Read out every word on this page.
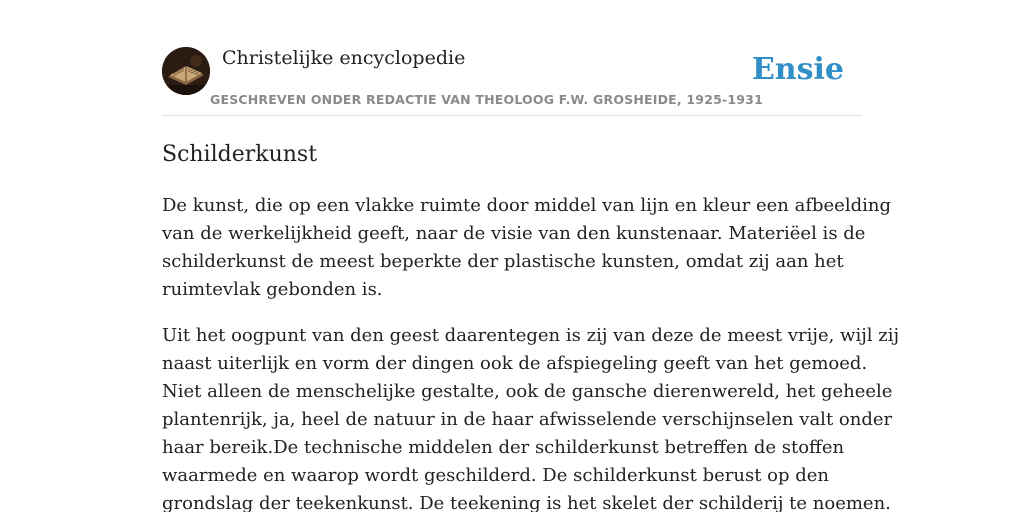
Christelijke encyclopedie
GESCHREVEN ONDER REDACTIE VAN THEOLOOG F.W. GROSHEIDE, 1925-1931
Ensie
Schilderkunst

De kunst, die op een vlakke ruimte door middel van lijn en kleur een afbeelding
van de werkelijkheid geeft, naar de visie van den kunstenaar. Materiëel is de
schilderkunst de meest beperkte der plastische kunsten, omdat zij aan het
ruimtevlak gebonden is.

Uit het oogpunt van den geest daarentegen is zij van deze de meest vrije, wijl zij
naast uiterlijk en vorm der dingen ook de afspiegeling geeft van het gemoed.
Niet alleen de menschelijke gestalte, ook de gansche dierenwereld, het geheele
plantenrijk, ja, heel de natuur in de haar afwisselende verschijnselen valt onder
haar bereik.De technische middelen der schilderkunst betreffen de stoffen
waarmede en waarop wordt geschilderd. De schilderkunst berust op den
grondslag der teekenkunst. De teekening is het skelet der schilderij te noemen.
